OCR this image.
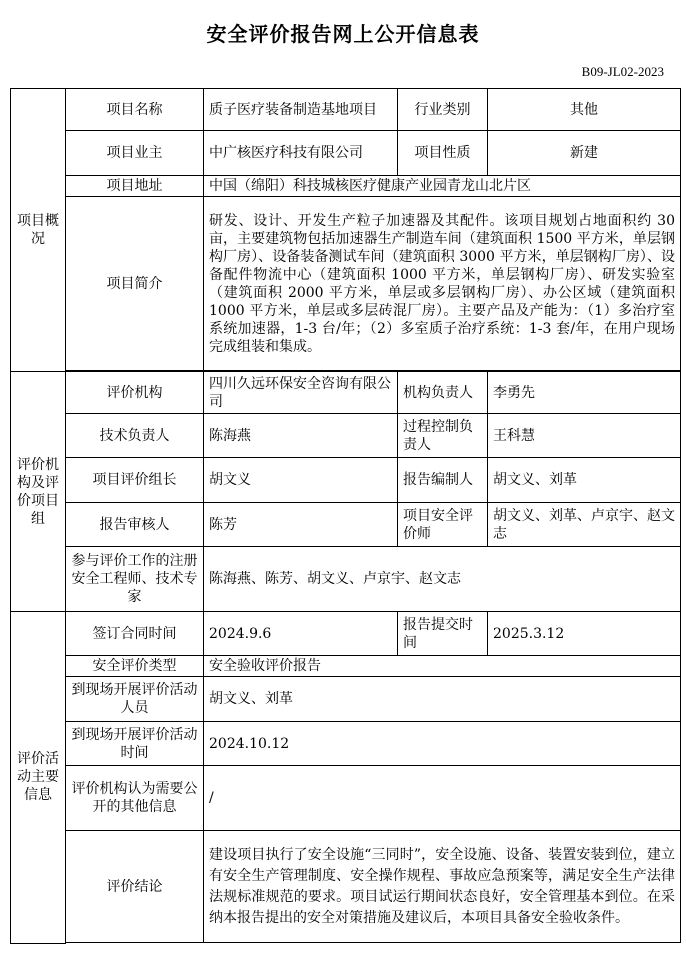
安全评价报告网上公开信息表
B09-JL02-2023
项目概况	项目名称	质子医疗装备制造基地项目	行业类别	其他
	项目业主	中广核医疗科技有限公司	项目性质	新建
	项目地址	中国（绵阳）科技城核医疗健康产业园青龙山北片区		
	项目简介	研发、设计、开发生产粒子加速器及其配件。该项目规划占地面积约 30 亩，主要建筑物包括加速器生产制造车间（建筑面积 1500 平方米，单层钢构厂房）、设备装备测试车间（建筑面积 3000 平方米，单层钢构厂房）、设备配件物流中心（建筑面积 1000 平方米，单层钢构厂房）、研发实验室（建筑面积 2000 平方米，单层或多层钢构厂房）、办公区域（建筑面积 1000 平方米，单层或多层砖混厂房）。主要产品及产能为：（1）多治疗室系统加速器，1-3 台/年；（2）多室质子治疗系统：1-3 套/年，在用户现场完成组装和集成。		

评价机构及评价项目组	评价机构	四川久远环保安全咨询有限公司	机构负责人	李勇先
	技术负责人	陈海燕	过程控制负责人	王科慧
	项目评价组长	胡文义	报告编制人	胡文义、刘革
	报告审核人	陈芳	项目安全评价师	胡文义、刘革、卢京宇、赵文志
	参与评价工作的注册安全工程师、技术专家	陈海燕、陈芳、胡文义、卢京宇、赵文志		
评价活动主要信息	签订合同时间	2024.9.6	报告提交时间	2025.3.12
	安全评价类型	安全验收评价报告		
	到现场开展评价活动人员	胡文义、刘革		
	到现场开展评价活动时间	2024.10.12		
	评价机构认为需要公开的其他信息	/		
	评价结论	建设项目执行了安全设施“三同时”，安全设施、设备、装置安装到位，建立有安全生产管理制度、安全操作规程、事故应急预案等，满足安全生产法律法规标准规范的要求。项目试运行期间状态良好，安全管理基本到位。在采纳本报告提出的安全对策措施及建议后，本项目具备安全验收条件。		
